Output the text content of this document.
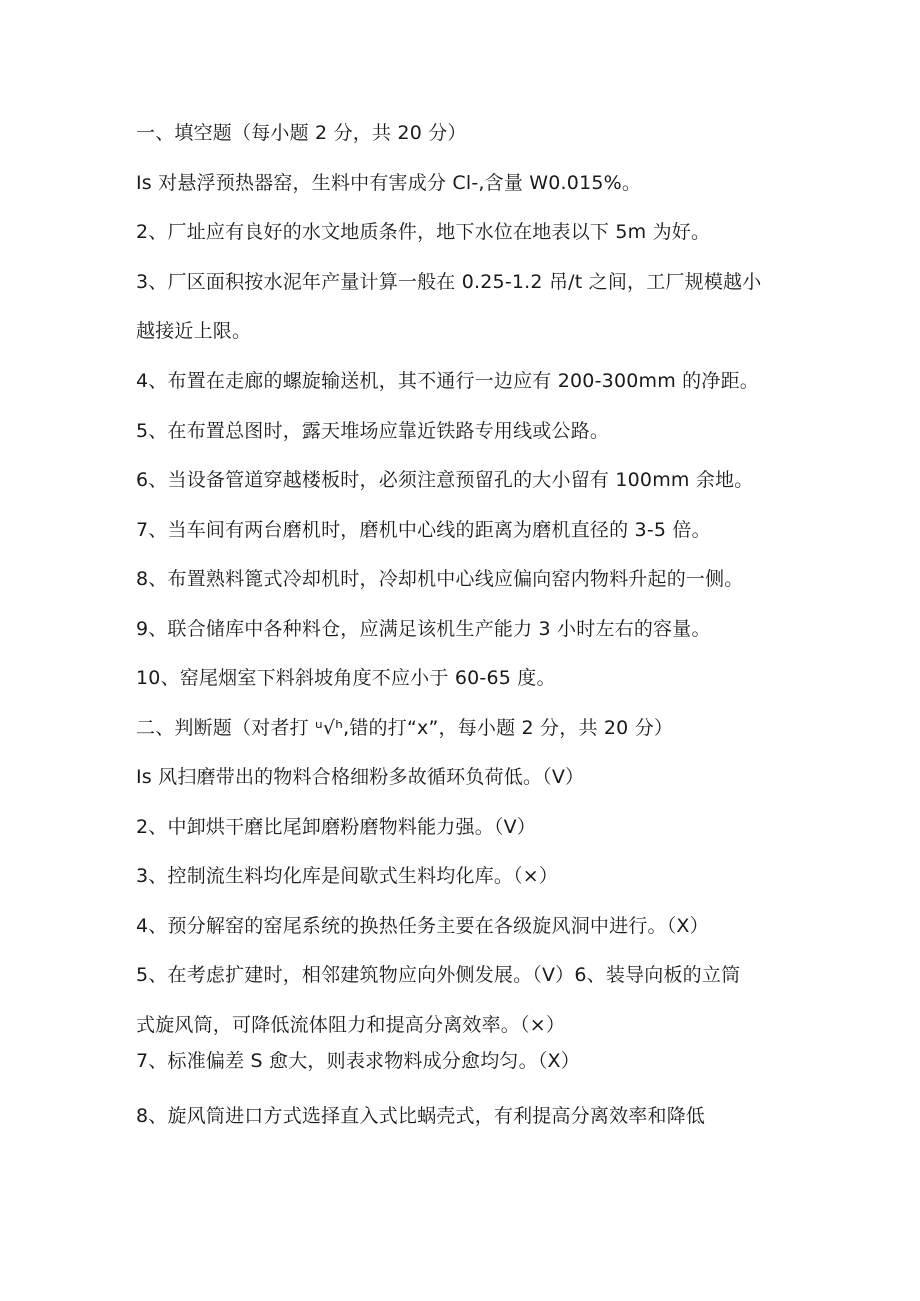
一、填空题（每小题 2 分，共 20 分）
Is 对悬浮预热器窑，生料中有害成分 Cl-,含量 W0.015%。
2、厂址应有良好的水文地质条件，地下水位在地表以下 5m 为好。
3、厂区面积按水泥年产量计算一般在 0.25-1.2 吊/t 之间，工厂规模越小
越接近上限。
4、布置在走廊的螺旋输送机，其不通行一边应有 200-300mm 的净距。
5、在布置总图时，露天堆场应靠近铁路专用线或公路。
6、当设备管道穿越楼板时，必须注意预留孔的大小留有 100mm 余地。
7、当车间有两台磨机时，磨机中心线的距离为磨机直径的 3-5 倍。
8、布置熟料篦式冷却机时，冷却机中心线应偏向窑内物料升起的一侧。
9、联合储库中各种料仓，应满足该机生产能力 3 小时左右的容量。
10、窑尾烟室下料斜坡角度不应小于 60-65 度。
二、判断题（对者打 ᵘ√ʰ,错的打“x”，每小题 2 分，共 20 分）
Is 风扫磨带出的物料合格细粉多故循环负荷低。（V）
2、中卸烘干磨比尾卸磨粉磨物料能力强。（V）
3、控制流生料均化库是间歇式生料均化库。（×）
4、预分解窑的窑尾系统的换热任务主要在各级旋风洞中进行。（X）
5、在考虑扩建时，相邻建筑物应向外侧发展。（V）6、装导向板的立筒
式旋风筒，可降低流体阻力和提高分离效率。（×）
7、标准偏差 S 愈大，则表求物料成分愈均匀。（X）
8、旋风筒进口方式选择直入式比蜗壳式，有利提高分离效率和降低
